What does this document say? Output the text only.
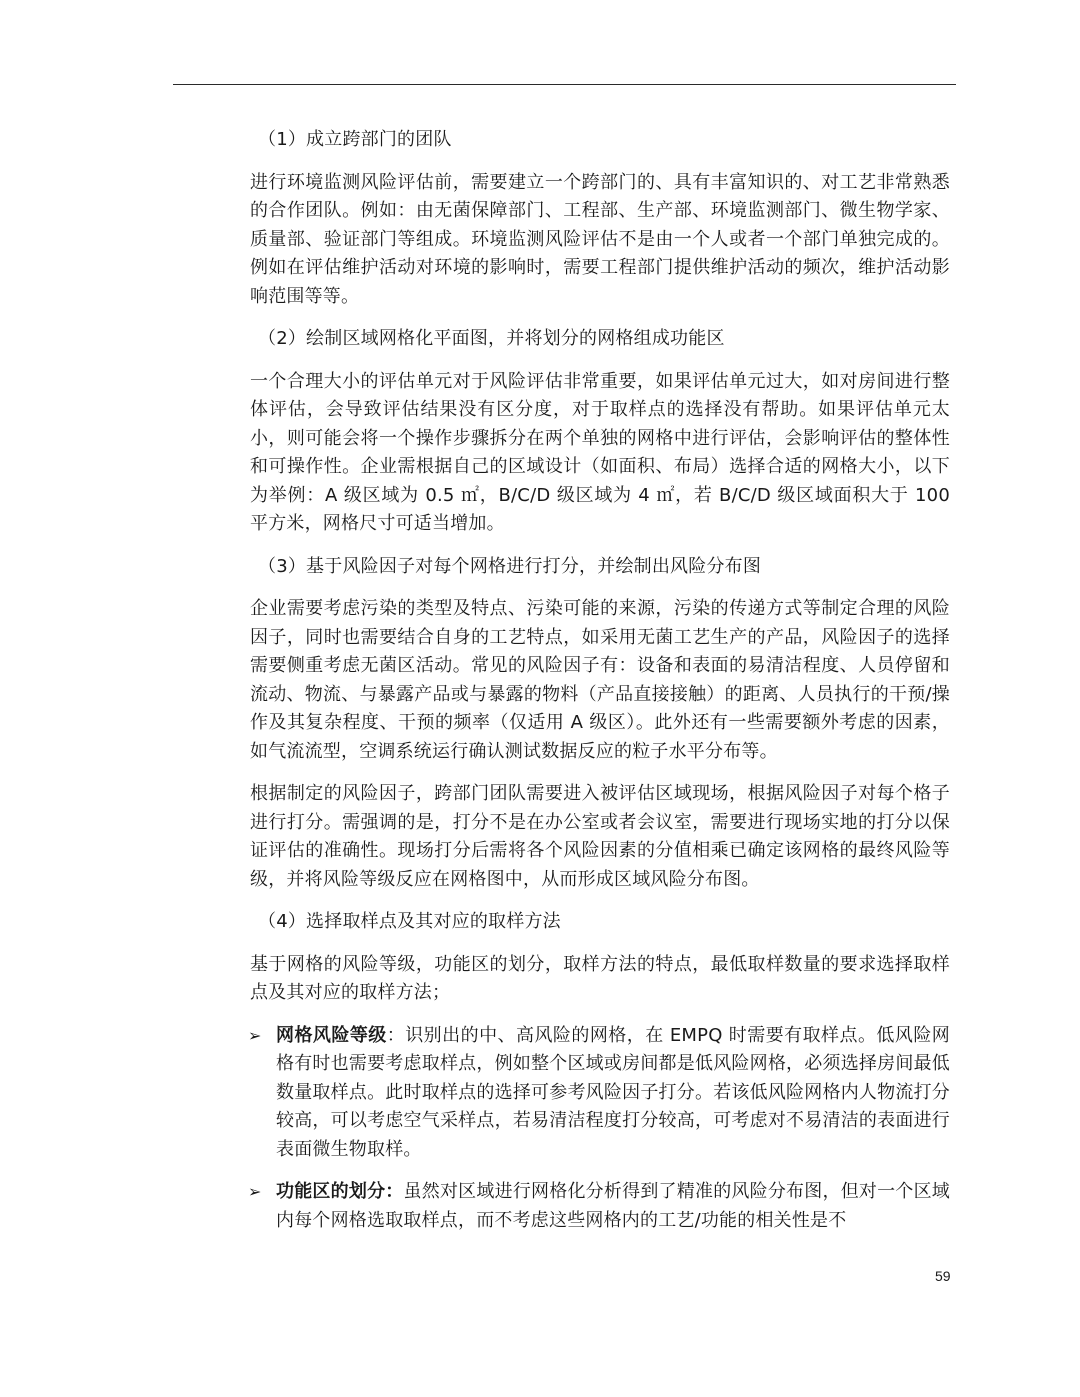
（1）成立跨部门的团队

进行环境监测风险评估前，需要建立一个跨部门的、具有丰富知识的、对工艺非常熟悉的合作团队。例如：由无菌保障部门、工程部、生产部、环境监测部门、微生物学家、质量部、验证部门等组成。环境监测风险评估不是由一个人或者一个部门单独完成的。例如在评估维护活动对环境的影响时，需要工程部门提供维护活动的频次，维护活动影响范围等等。

（2）绘制区域网格化平面图，并将划分的网格组成功能区

一个合理大小的评估单元对于风险评估非常重要，如果评估单元过大，如对房间进行整体评估，会导致评估结果没有区分度，对于取样点的选择没有帮助。如果评估单元太小，则可能会将一个操作步骤拆分在两个单独的网格中进行评估，会影响评估的整体性和可操作性。企业需根据自己的区域设计（如面积、布局）选择合适的网格大小，以下为举例：A 级区域为 0.5 ㎡，B/C/D 级区域为 4 ㎡，若 B/C/D 级区域面积大于 100 平方米，网格尺寸可适当增加。

（3）基于风险因子对每个网格进行打分，并绘制出风险分布图

企业需要考虑污染的类型及特点、污染可能的来源，污染的传递方式等制定合理的风险因子，同时也需要结合自身的工艺特点，如采用无菌工艺生产的产品，风险因子的选择需要侧重考虑无菌区活动。常见的风险因子有：设备和表面的易清洁程度、人员停留和流动、物流、与暴露产品或与暴露的物料（产品直接接触）的距离、人员执行的干预/操作及其复杂程度、干预的频率（仅适用 A 级区）。此外还有一些需要额外考虑的因素，如气流流型，空调系统运行确认测试数据反应的粒子水平分布等。

根据制定的风险因子，跨部门团队需要进入被评估区域现场，根据风险因子对每个格子进行打分。需强调的是，打分不是在办公室或者会议室，需要进行现场实地的打分以保证评估的准确性。现场打分后需将各个风险因素的分值相乘已确定该网格的最终风险等级，并将风险等级反应在网格图中，从而形成区域风险分布图。

（4）选择取样点及其对应的取样方法

基于网格的风险等级，功能区的划分，取样方法的特点，最低取样数量的要求选择取样点及其对应的取样方法；

➢ 网格风险等级：识别出的中、高风险的网格，在 EMPQ 时需要有取样点。低风险网格有时也需要考虑取样点，例如整个区域或房间都是低风险网格，必须选择房间最低数量取样点。此时取样点的选择可参考风险因子打分。若该低风险网格内人物流打分较高，可以考虑空气采样点，若易清洁程度打分较高，可考虑对不易清洁的表面进行表面微生物取样。
➢ 功能区的划分：虽然对区域进行网格化分析得到了精准的风险分布图，但对一个区域内每个网格选取取样点，而不考虑这些网格内的工艺/功能的相关性是不
59
